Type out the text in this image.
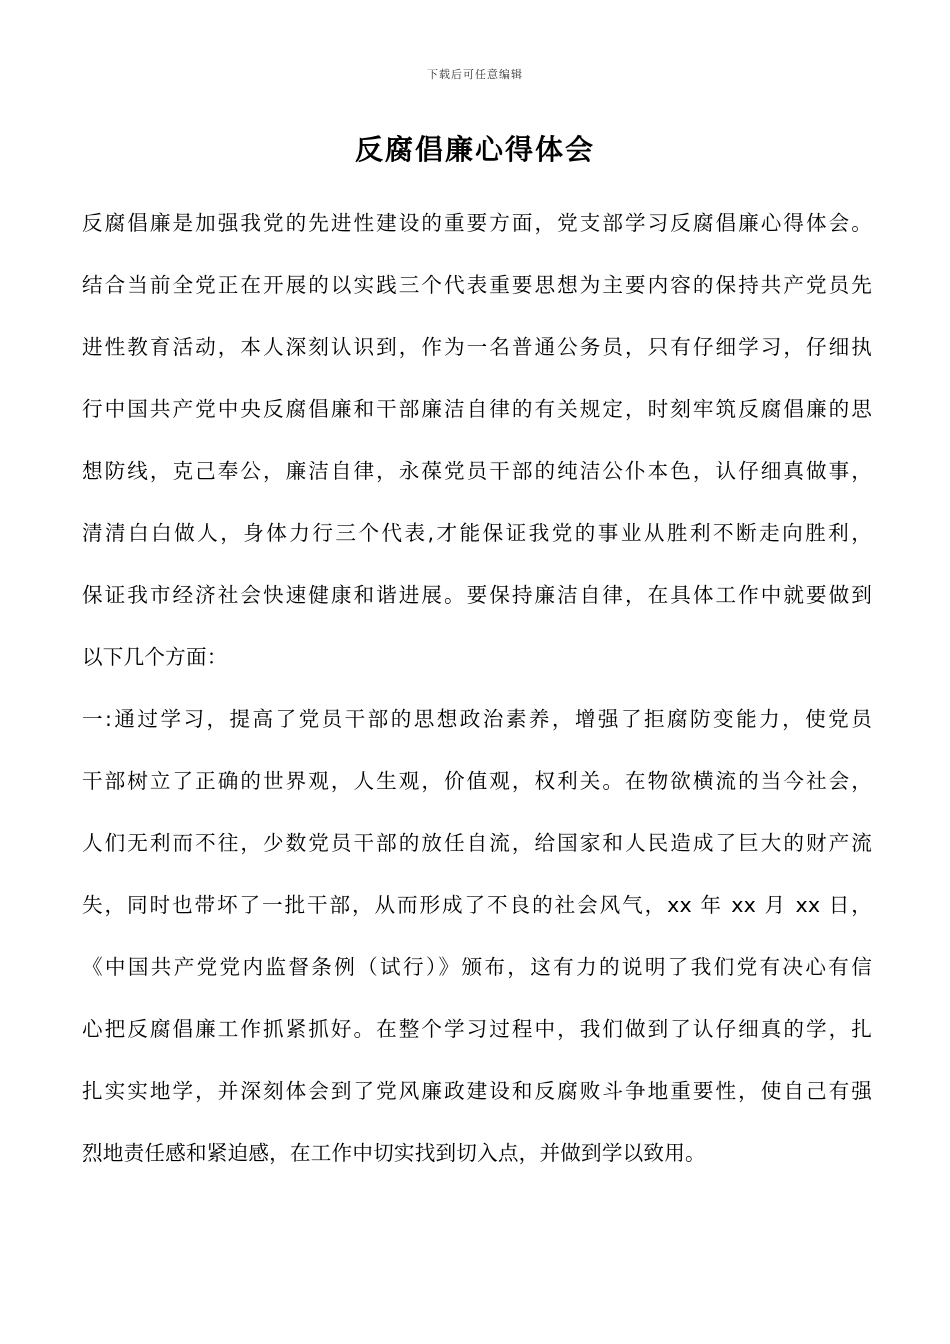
下载后可任意编辑
反腐倡廉心得体会
反腐倡廉是加强我党的先进性建设的重要方面，党支部学习反腐倡廉心得体会。
结合当前全党正在开展的以实践三个代表重要思想为主要内容的保持共产党员先
进性教育活动，本人深刻认识到，作为一名普通公务员，只有仔细学习，仔细执
行中国共产党中央反腐倡廉和干部廉洁自律的有关规定，时刻牢筑反腐倡廉的思
想防线，克己奉公，廉洁自律，永葆党员干部的纯洁公仆本色，认仔细真做事，
清清白白做人，身体力行三个代表,才能保证我党的事业从胜利不断走向胜利，
保证我市经济社会快速健康和谐进展。要保持廉洁自律，在具体工作中就要做到
以下几个方面：
一:通过学习，提高了党员干部的思想政治素养，增强了拒腐防变能力，使党员
干部树立了正确的世界观，人生观，价值观，权利关。在物欲横流的当今社会，
人们无利而不往，少数党员干部的放任自流，给国家和人民造成了巨大的财产流
失，同时也带坏了一批干部，从而形成了不良的社会风气，xx 年 xx 月 xx 日，
《中国共产党党内监督条例（试行）》颁布，这有力的说明了我们党有决心有信
心把反腐倡廉工作抓紧抓好。在整个学习过程中，我们做到了认仔细真的学，扎
扎实实地学，并深刻体会到了党风廉政建设和反腐败斗争地重要性，使自己有强
烈地责任感和紧迫感，在工作中切实找到切入点，并做到学以致用。
